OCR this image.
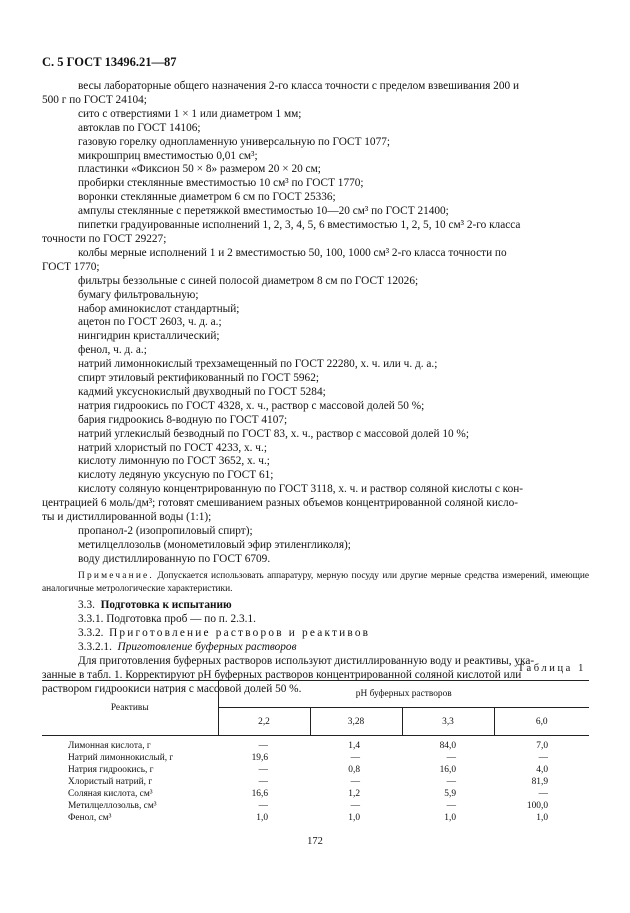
С. 5 ГОСТ 13496.21—87
весы лабораторные общего назначения 2-го класса точности с пределом взвешивания 200 и
500 г по ГОСТ 24104;
сито с отверстиями 1 × 1 или диаметром 1 мм;
автоклав по ГОСТ 14106;
газовую горелку однопламенную универсальную по ГОСТ 1077;
микрошприц вместимостью 0,01 см³;
пластинки «Фиксион 50 × 8» размером 20 × 20 см;
пробирки стеклянные вместимостью 10 см³ по ГОСТ 1770;
воронки стеклянные диаметром 6 см по ГОСТ 25336;
ампулы стеклянные с перетяжкой вместимостью 10—20 см³ по ГОСТ 21400;
пипетки градуированные исполнений 1, 2, 3, 4, 5, 6 вместимостью 1, 2, 5, 10 см³ 2-го класса
точности по ГОСТ 29227;
колбы мерные исполнений 1 и 2 вместимостью 50, 100, 1000 см³ 2-го класса точности по
ГОСТ 1770;
фильтры беззольные с синей полосой диаметром 8 см по ГОСТ 12026;
бумагу фильтровальную;
набор аминокислот стандартный;
ацетон по ГОСТ 2603, ч. д. а.;
нингидрин кристаллический;
фенол, ч. д. а.;
натрий лимоннокислый трехзамещенный по ГОСТ 22280, х. ч. или ч. д. а.;
спирт этиловый ректификованный по ГОСТ 5962;
кадмий уксуснокислый двухводный по ГОСТ 5284;
натрия гидроокись по ГОСТ 4328, х. ч., раствор с массовой долей 50 %;
бария гидроокись 8-водную по ГОСТ 4107;
натрий углекислый безводный по ГОСТ 83, х. ч., раствор с массовой долей 10 %;
натрий хлористый по ГОСТ 4233, х. ч.;
кислоту лимонную по ГОСТ 3652, х. ч.;
кислоту ледяную уксусную по ГОСТ 61;
кислоту соляную концентрированную по ГОСТ 3118, х. ч. и раствор соляной кислоты с кон-
центрацией 6 моль/дм³; готовят смешиванием разных объемов концентрированной соляной кисло-
ты и дистиллированной воды (1:1);
пропанол-2 (изопропиловый спирт);
метилцеллозольв (монометиловый эфир этиленгликоля);
воду дистиллированную по ГОСТ 6709.
Примечание. Допускается использовать аппаратуру, мерную посуду или другие мерные средства измерений, имеющие аналогичные метрологические характеристики.
3.3. Подготовка к испытанию
3.3.1. Подготовка проб — по п. 2.3.1.
3.3.2. Приготовление растворов и реактивов
3.3.2.1. Приготовление буферных растворов
Для приготовления буферных растворов используют дистиллированную воду и реактивы, ука-
занные в табл. 1. Корректируют pH буферных растворов концентрированной соляной кислотой или
раствором гидроокиси натрия с массовой долей 50 %.
Таблица 1
Реактивы	pH буферных растворов			
	2,2	3,28	3,3	6,0

Лимонная кислота, г	—	1,4	84,0	7,0
Натрий лимоннокислый, г	19,6	—	—	—
Натрия гидроокись, г	—	0,8	16,0	4,0
Хлористый натрий, г	—	—	—	81,9
Соляная кислота, см³	16,6	1,2	5,9	—
Метилцеллозольв, см³	—	—	—	100,0
Фенол, см³	1,0	1,0	1,0	1,0
172
